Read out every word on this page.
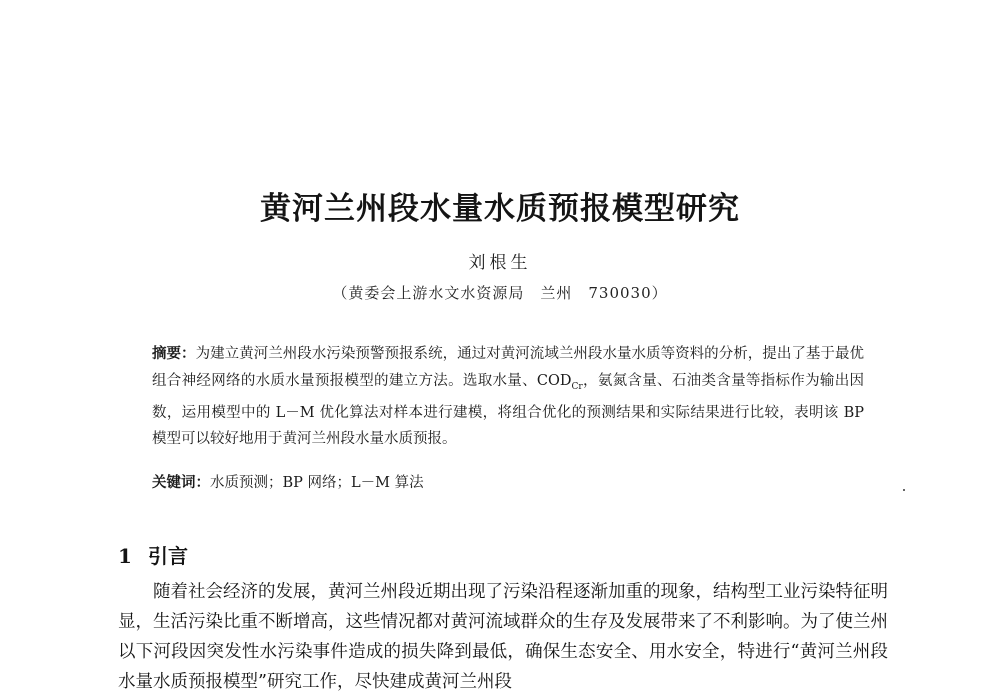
黄河兰州段水量水质预报模型研究
刘根生
（黄委会上游水文水资源局　兰州　730030）
摘要：为建立黄河兰州段水污染预警预报系统，通过对黄河流域兰州段水量水质等资料的分析，提出了基于最优组合神经网络的水质水量预报模型的建立方法。选取水量、$COD_{Cr}$，氨氮含量、石油类含量等指标作为输出因数，运用模型中的 L－M 优化算法对样本进行建模，将组合优化的预测结果和实际结果进行比较，表明该 BP 模型可以较好地用于黄河兰州段水量水质预报。
关键词：水质预测；BP 网络；L－M 算法
1 引言
随着社会经济的发展，黄河兰州段近期出现了污染沿程逐渐加重的现象，结构型工业污染特征明显，生活污染比重不断增高，这些情况都对黄河流域群众的生存及发展带来了不利影响。为了使兰州以下河段因突发性水污染事件造成的损失降到最低，确保生态安全、用水安全，特进行“黄河兰州段水量水质预报模型”研究工作，尽快建成黄河兰州段
